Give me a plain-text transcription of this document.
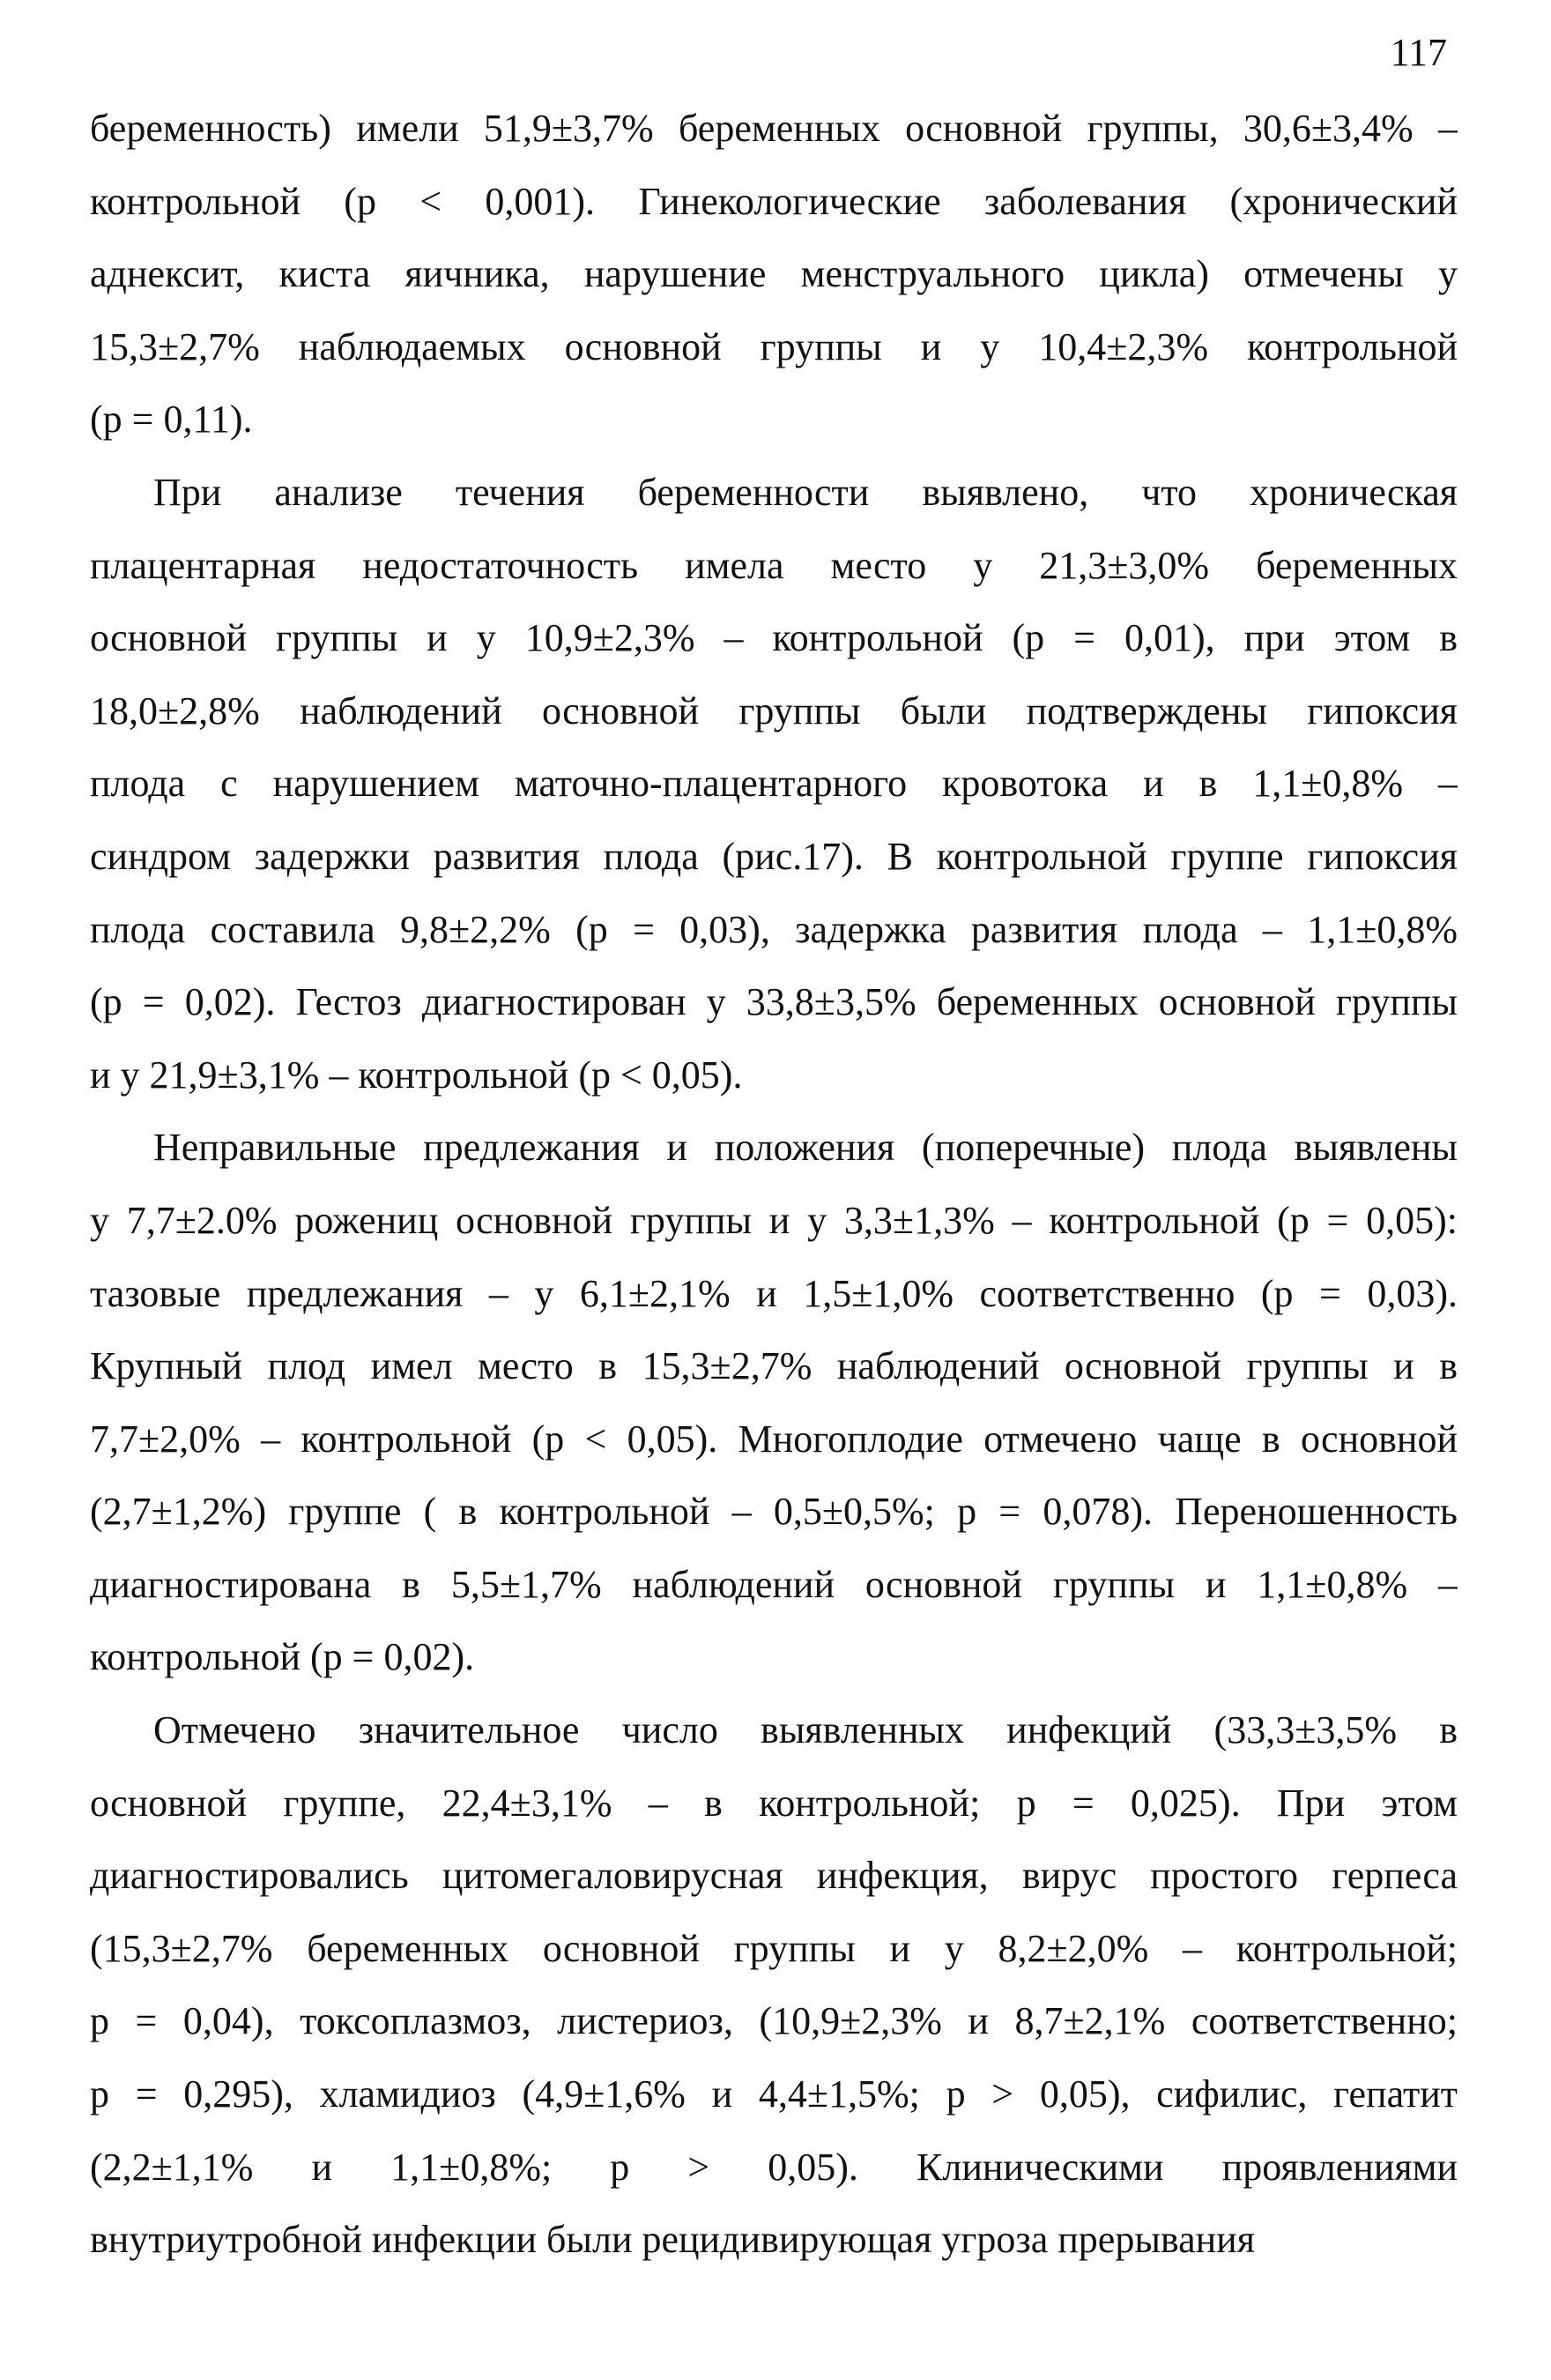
117

беременность) имели 51,9±3,7% беременных основной группы, 30,6±3,4% –
контрольной (p < 0,001). Гинекологические заболевания (хронический
аднексит, киста яичника, нарушение менструального цикла) отмечены у
15,3±2,7% наблюдаемых основной группы и у 10,4±2,3% контрольной
(p = 0,11).

При анализе течения беременности выявлено, что хроническая
плацентарная недостаточность имела место у 21,3±3,0% беременных
основной группы и у 10,9±2,3% – контрольной (p = 0,01), при этом в
18,0±2,8% наблюдений основной группы были подтверждены гипоксия
плода с нарушением маточно-плацентарного кровотока и в 1,1±0,8% –
синдром задержки развития плода (рис.17). В контрольной группе гипоксия
плода составила 9,8±2,2% (p = 0,03), задержка развития плода – 1,1±0,8%
(p = 0,02). Гестоз диагностирован у 33,8±3,5% беременных основной группы
и у 21,9±3,1% – контрольной (p < 0,05).

Неправильные предлежания и положения (поперечные) плода выявлены
у 7,7±2.0% рожениц основной группы и у 3,3±1,3% – контрольной (p = 0,05):
тазовые предлежания – у 6,1±2,1% и 1,5±1,0% соответственно (p = 0,03).
Крупный плод имел место в 15,3±2,7% наблюдений основной группы и в
7,7±2,0% – контрольной (p < 0,05). Многоплодие отмечено чаще в основной
(2,7±1,2%) группе ( в контрольной – 0,5±0,5%; p = 0,078). Переношенность
диагностирована в 5,5±1,7% наблюдений основной группы и 1,1±0,8% –
контрольной (p = 0,02).

Отмечено значительное число выявленных инфекций (33,3±3,5% в
основной группе, 22,4±3,1% – в контрольной; p = 0,025). При этом
диагностировались цитомегаловирусная инфекция, вирус простого герпеса
(15,3±2,7% беременных основной группы и у 8,2±2,0% – контрольной;
p = 0,04), токсоплазмоз, листериоз, (10,9±2,3% и 8,7±2,1% соответственно;
p = 0,295), хламидиоз (4,9±1,6% и 4,4±1,5%; p > 0,05), сифилис, гепатит
(2,2±1,1% и 1,1±0,8%; p > 0,05). Клиническими проявлениями
внутриутробной инфекции были рецидивирующая угроза прерывания
